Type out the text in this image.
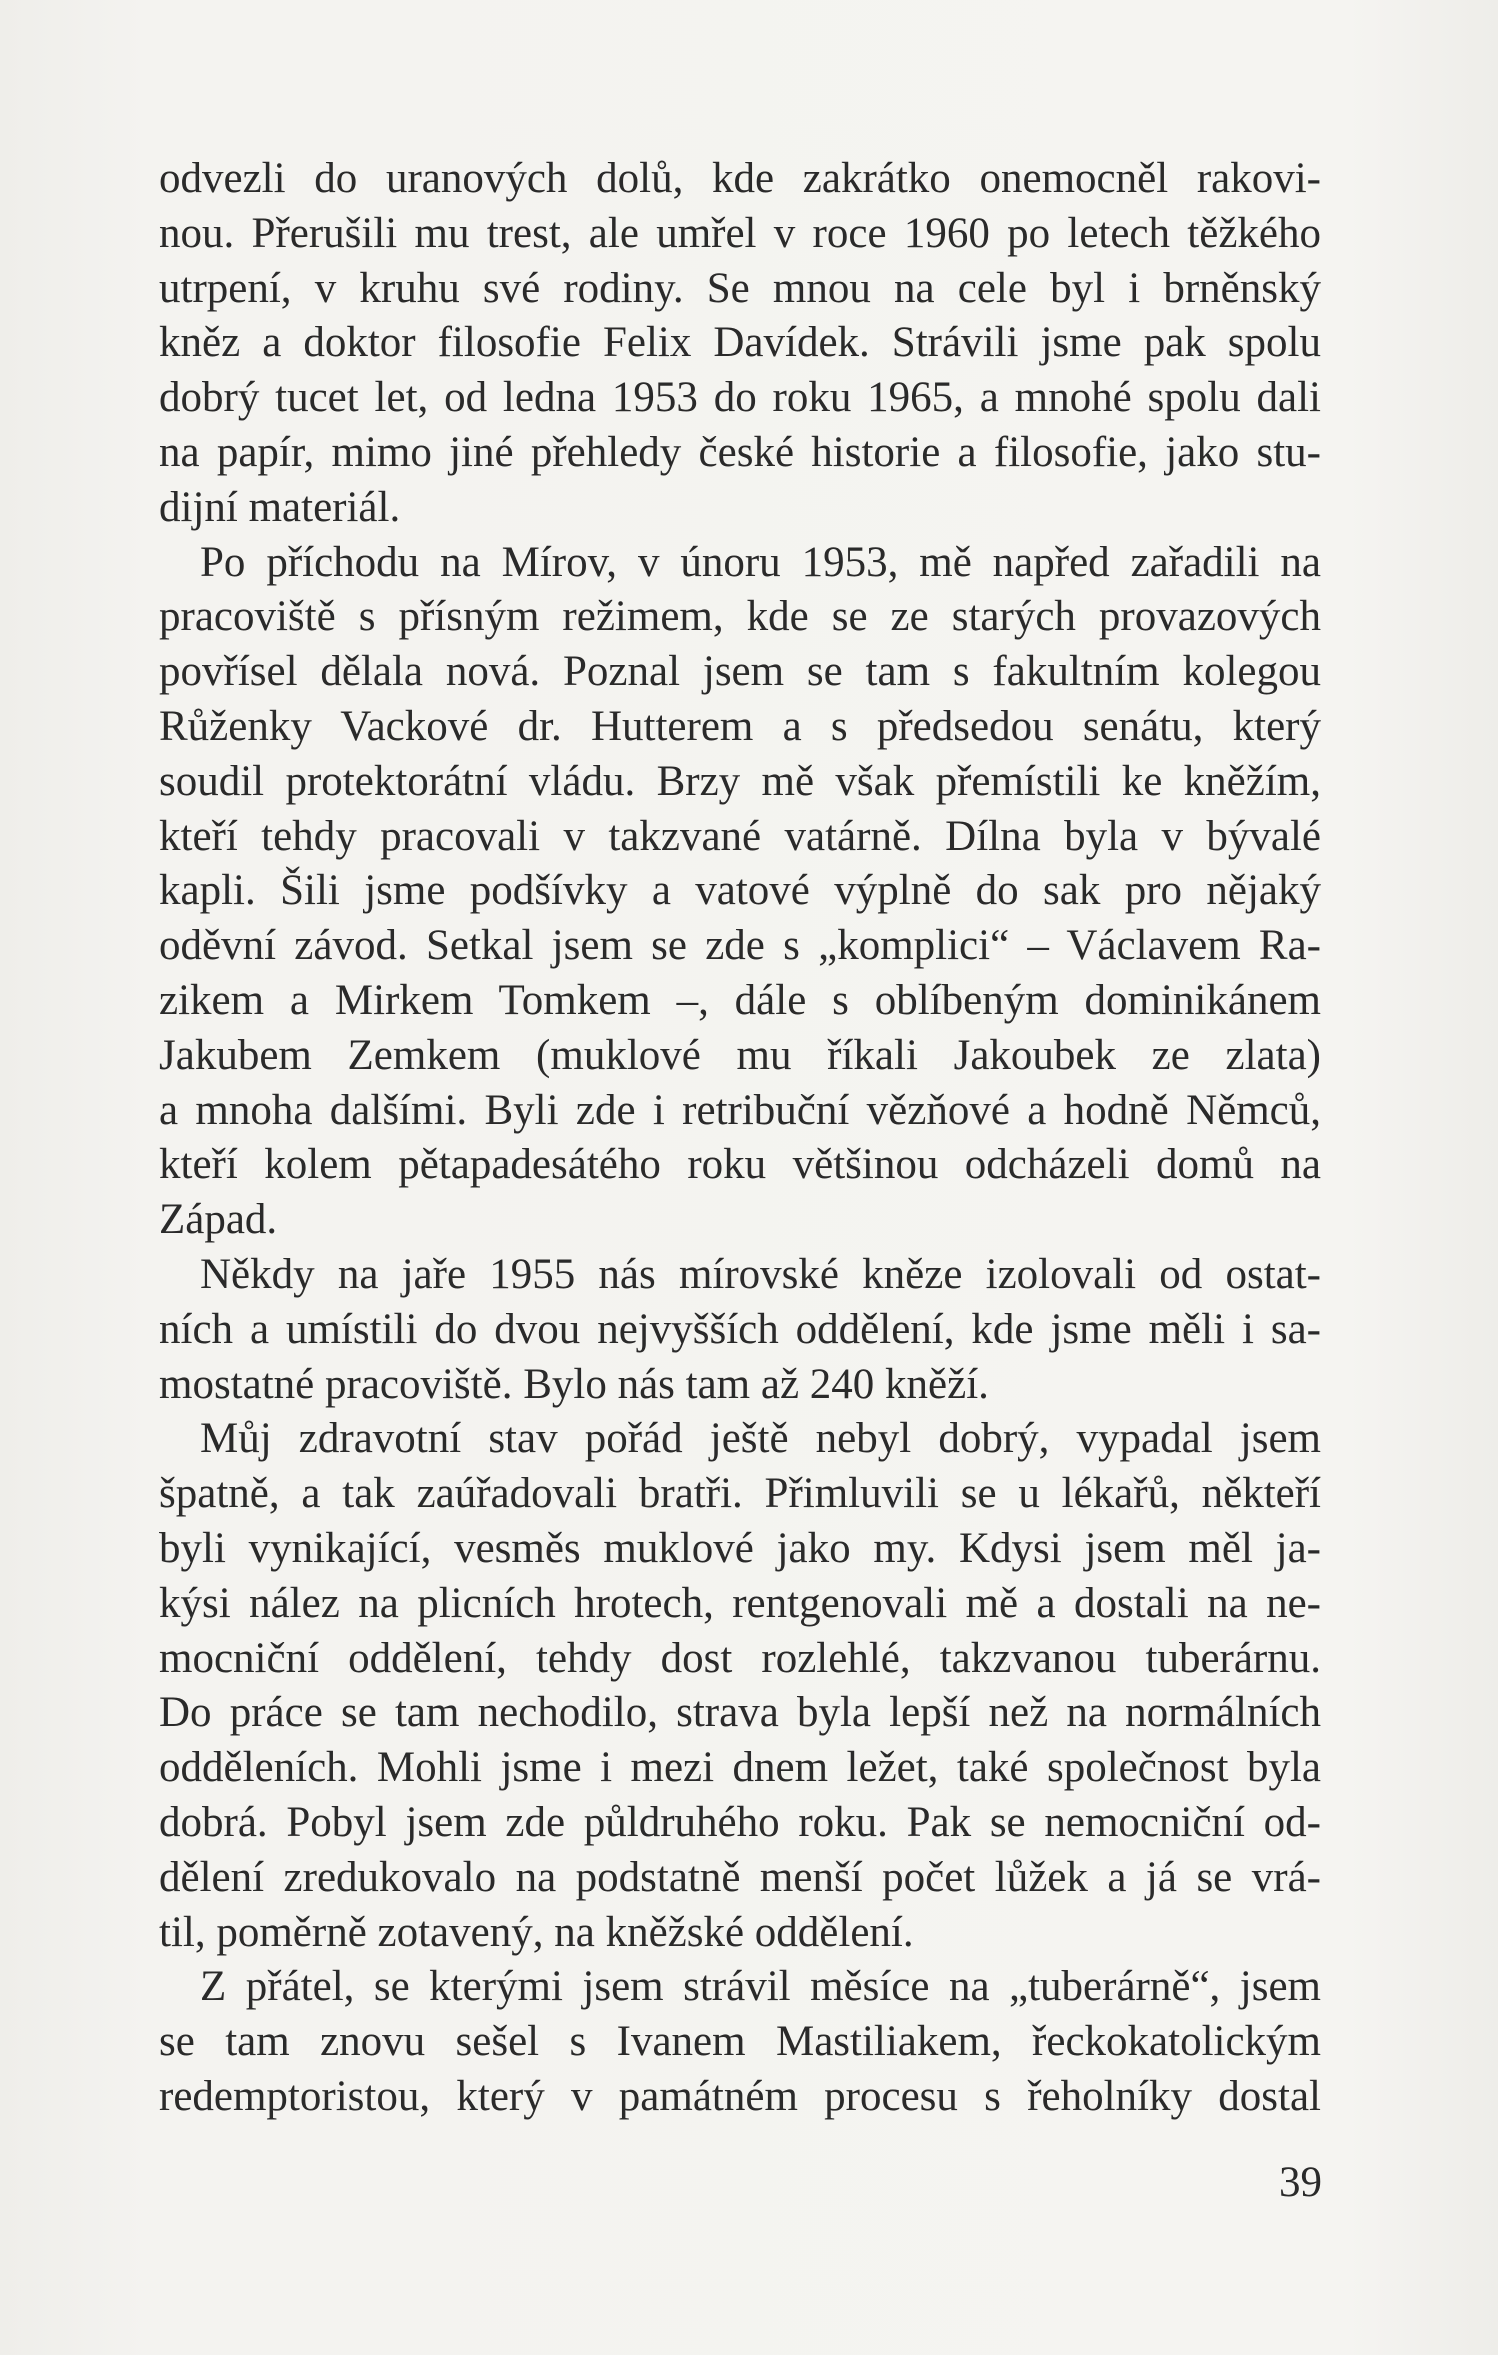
odvezli do uranových dolů, kde zakrátko onemocněl rakovi-
nou. Přerušili mu trest, ale umřel v roce 1960 po letech těžkého
utrpení, v kruhu své rodiny. Se mnou na cele byl i brněnský
kněz a doktor filosofie Felix Davídek. Strávili jsme pak spolu
dobrý tucet let, od ledna 1953 do roku 1965, a mnohé spolu dali
na papír, mimo jiné přehledy české historie a filosofie, jako stu-
dijní materiál.
Po příchodu na Mírov, v únoru 1953, mě napřed zařadili na
pracoviště s přísným režimem, kde se ze starých provazových
povřísel dělala nová. Poznal jsem se tam s fakultním kolegou
Růženky Vackové dr. Hutterem a s předsedou senátu, který
soudil protektorátní vládu. Brzy mě však přemístili ke kněžím,
kteří tehdy pracovali v takzvané vatárně. Dílna byla v bývalé
kapli. Šili jsme podšívky a vatové výplně do sak pro nějaký
oděvní závod. Setkal jsem se zde s „komplici“ – Václavem Ra-
zikem a Mirkem Tomkem –, dále s oblíbeným dominikánem
Jakubem Zemkem (muklové mu říkali Jakoubek ze zlata)
a mnoha dalšími. Byli zde i retribuční vězňové a hodně Němců,
kteří kolem pětapadesátého roku většinou odcházeli domů na
Západ.
Někdy na jaře 1955 nás mírovské kněze izolovali od ostat-
ních a umístili do dvou nejvyšších oddělení, kde jsme měli i sa-
mostatné pracoviště. Bylo nás tam až 240 kněží.
Můj zdravotní stav pořád ještě nebyl dobrý, vypadal jsem
špatně, a tak zaúřadovali bratři. Přimluvili se u lékařů, někteří
byli vynikající, vesměs muklové jako my. Kdysi jsem měl ja-
kýsi nález na plicních hrotech, rentgenovali mě a dostali na ne-
mocniční oddělení, tehdy dost rozlehlé, takzvanou tuberárnu.
Do práce se tam nechodilo, strava byla lepší než na normálních
odděleních. Mohli jsme i mezi dnem ležet, také společnost byla
dobrá. Pobyl jsem zde půldruhého roku. Pak se nemocniční od-
dělení zredukovalo na podstatně menší počet lůžek a já se vrá-
til, poměrně zotavený, na kněžské oddělení.
Z přátel, se kterými jsem strávil měsíce na „tuberárně“, jsem
se tam znovu sešel s Ivanem Mastiliakem, řeckokatolickým
redemptoristou, který v památném procesu s řeholníky dostal
39
